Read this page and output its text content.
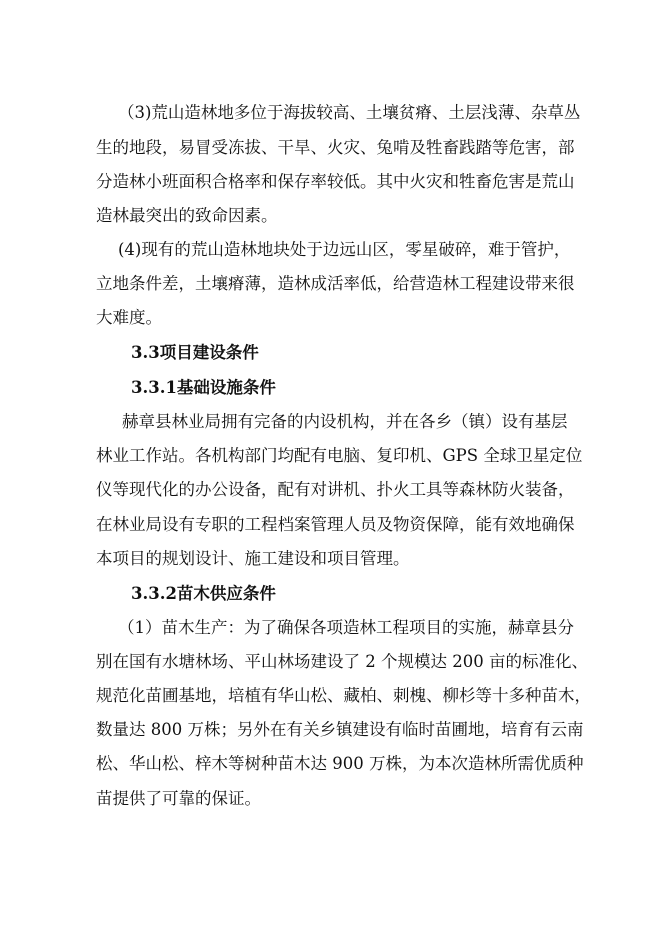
（3)荒山造林地多位于海拔较高、土壤贫瘠、土层浅薄、杂草丛
生的地段，易冒受冻拔、干旱、火灾、兔啃及牲畜践踏等危害，部
分造林小班面积合格率和保存率较低。其中火灾和牲畜危害是荒山
造林最突出的致命因素。
(4)现有的荒山造林地块处于边远山区，零星破碎，难于管护，
立地条件差，土壤瘠薄，造林成活率低，给营造林工程建设带来很
大难度。
3.3项目建设条件
3.3.1基础设施条件
赫章县林业局拥有完备的内设机构，并在各乡（镇）设有基层
林业工作站。各机构部门均配有电脑、复印机、GPS 全球卫星定位
仪等现代化的办公设备，配有对讲机、扑火工具等森林防火装备，
在林业局设有专职的工程档案管理人员及物资保障，能有效地确保
本项目的规划设计、施工建设和项目管理。
3.3.2苗木供应条件
（1）苗木生产：为了确保各项造林工程项目的实施，赫章县分
别在国有水塘林场、平山林场建设了 2 个规模达 200 亩的标准化、
规范化苗圃基地，培植有华山松、藏柏、刺槐、柳杉等十多种苗木，
数量达 800 万株；另外在有关乡镇建设有临时苗圃地，培育有云南
松、华山松、梓木等树种苗木达 900 万株，为本次造林所需优质种
苗提供了可靠的保证。
